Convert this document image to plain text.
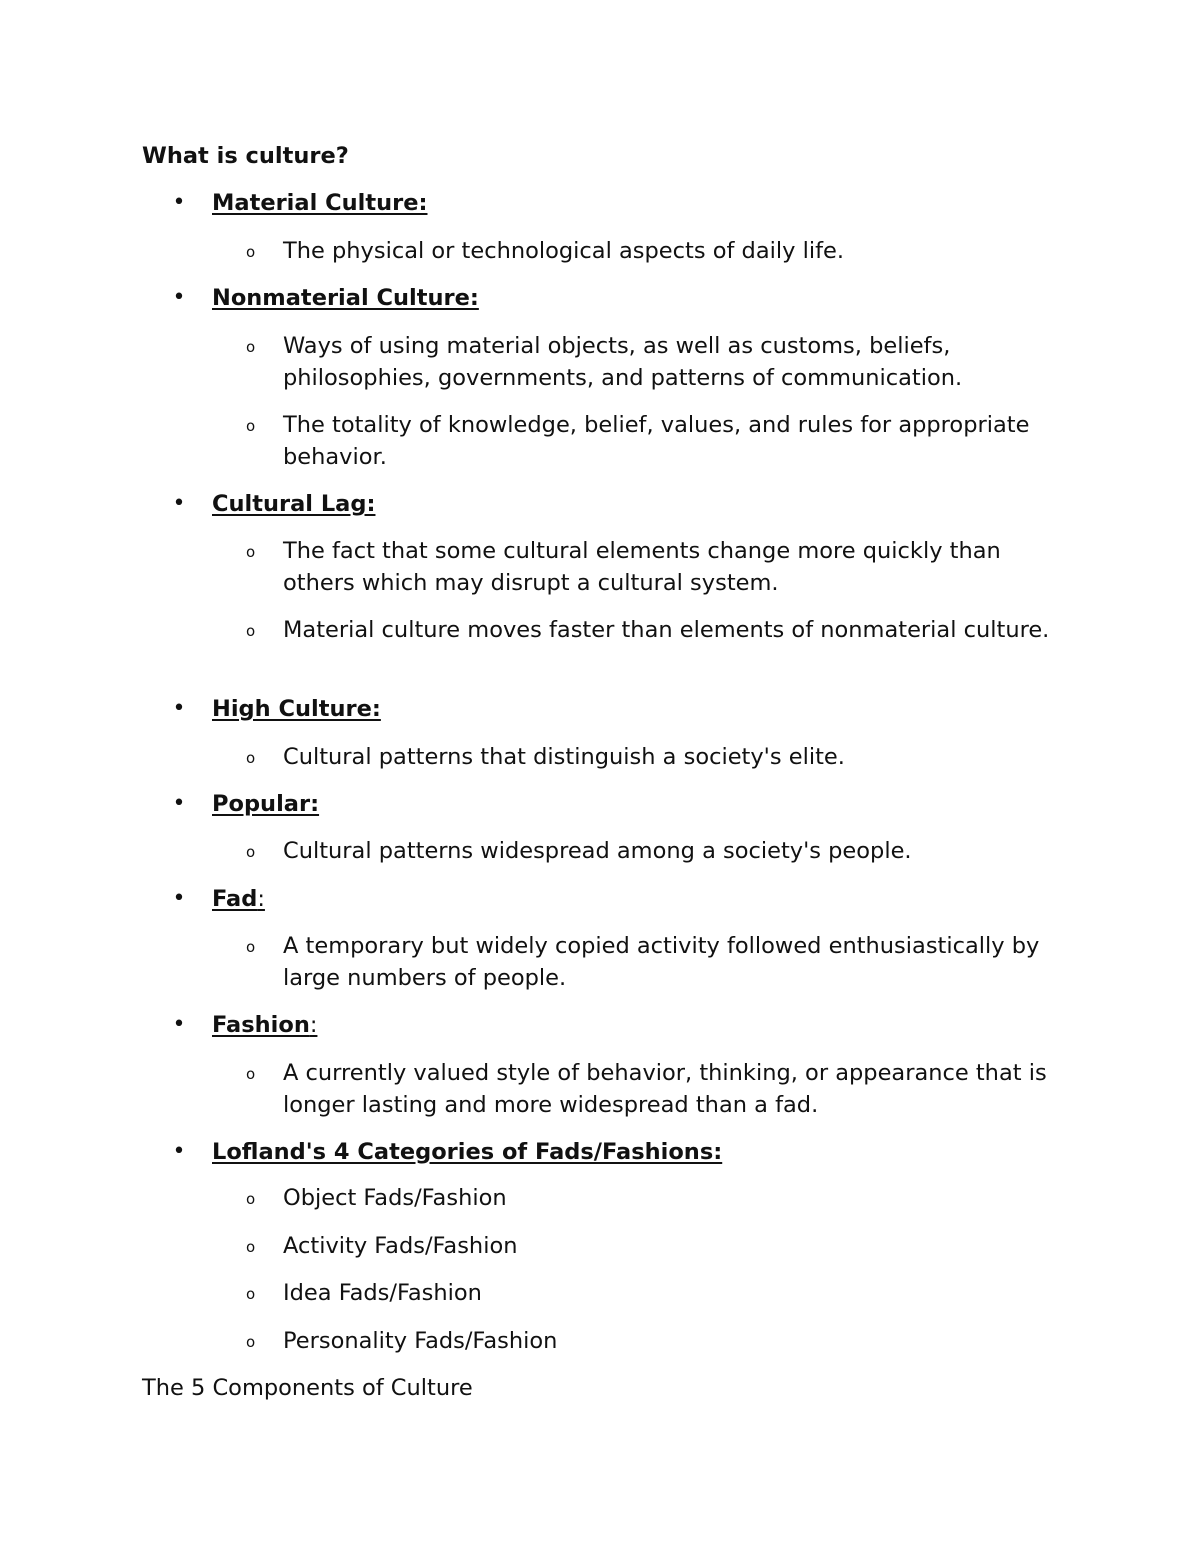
What is culture?
• Material Culture:
o The physical or technological aspects of daily life.
• Nonmaterial Culture:
o Ways of using material objects, as well as customs, beliefs, philosophies, governments, and patterns of communication.
o The totality of knowledge, belief, values, and rules for appropriate behavior.
• Cultural Lag:
o The fact that some cultural elements change more quickly than others which may disrupt a cultural system.
o Material culture moves faster than elements of nonmaterial culture.
• High Culture:
o Cultural patterns that distinguish a society's elite.
• Popular:
o Cultural patterns widespread among a society's people.
• Fad:
o A temporary but widely copied activity followed enthusiastically by large numbers of people.
• Fashion:
o A currently valued style of behavior, thinking, or appearance that is longer lasting and more widespread than a fad.
• Lofland's 4 Categories of Fads/Fashions:
o Object Fads/Fashion
o Activity Fads/Fashion
o Idea Fads/Fashion
o Personality Fads/Fashion
The 5 Components of Culture
